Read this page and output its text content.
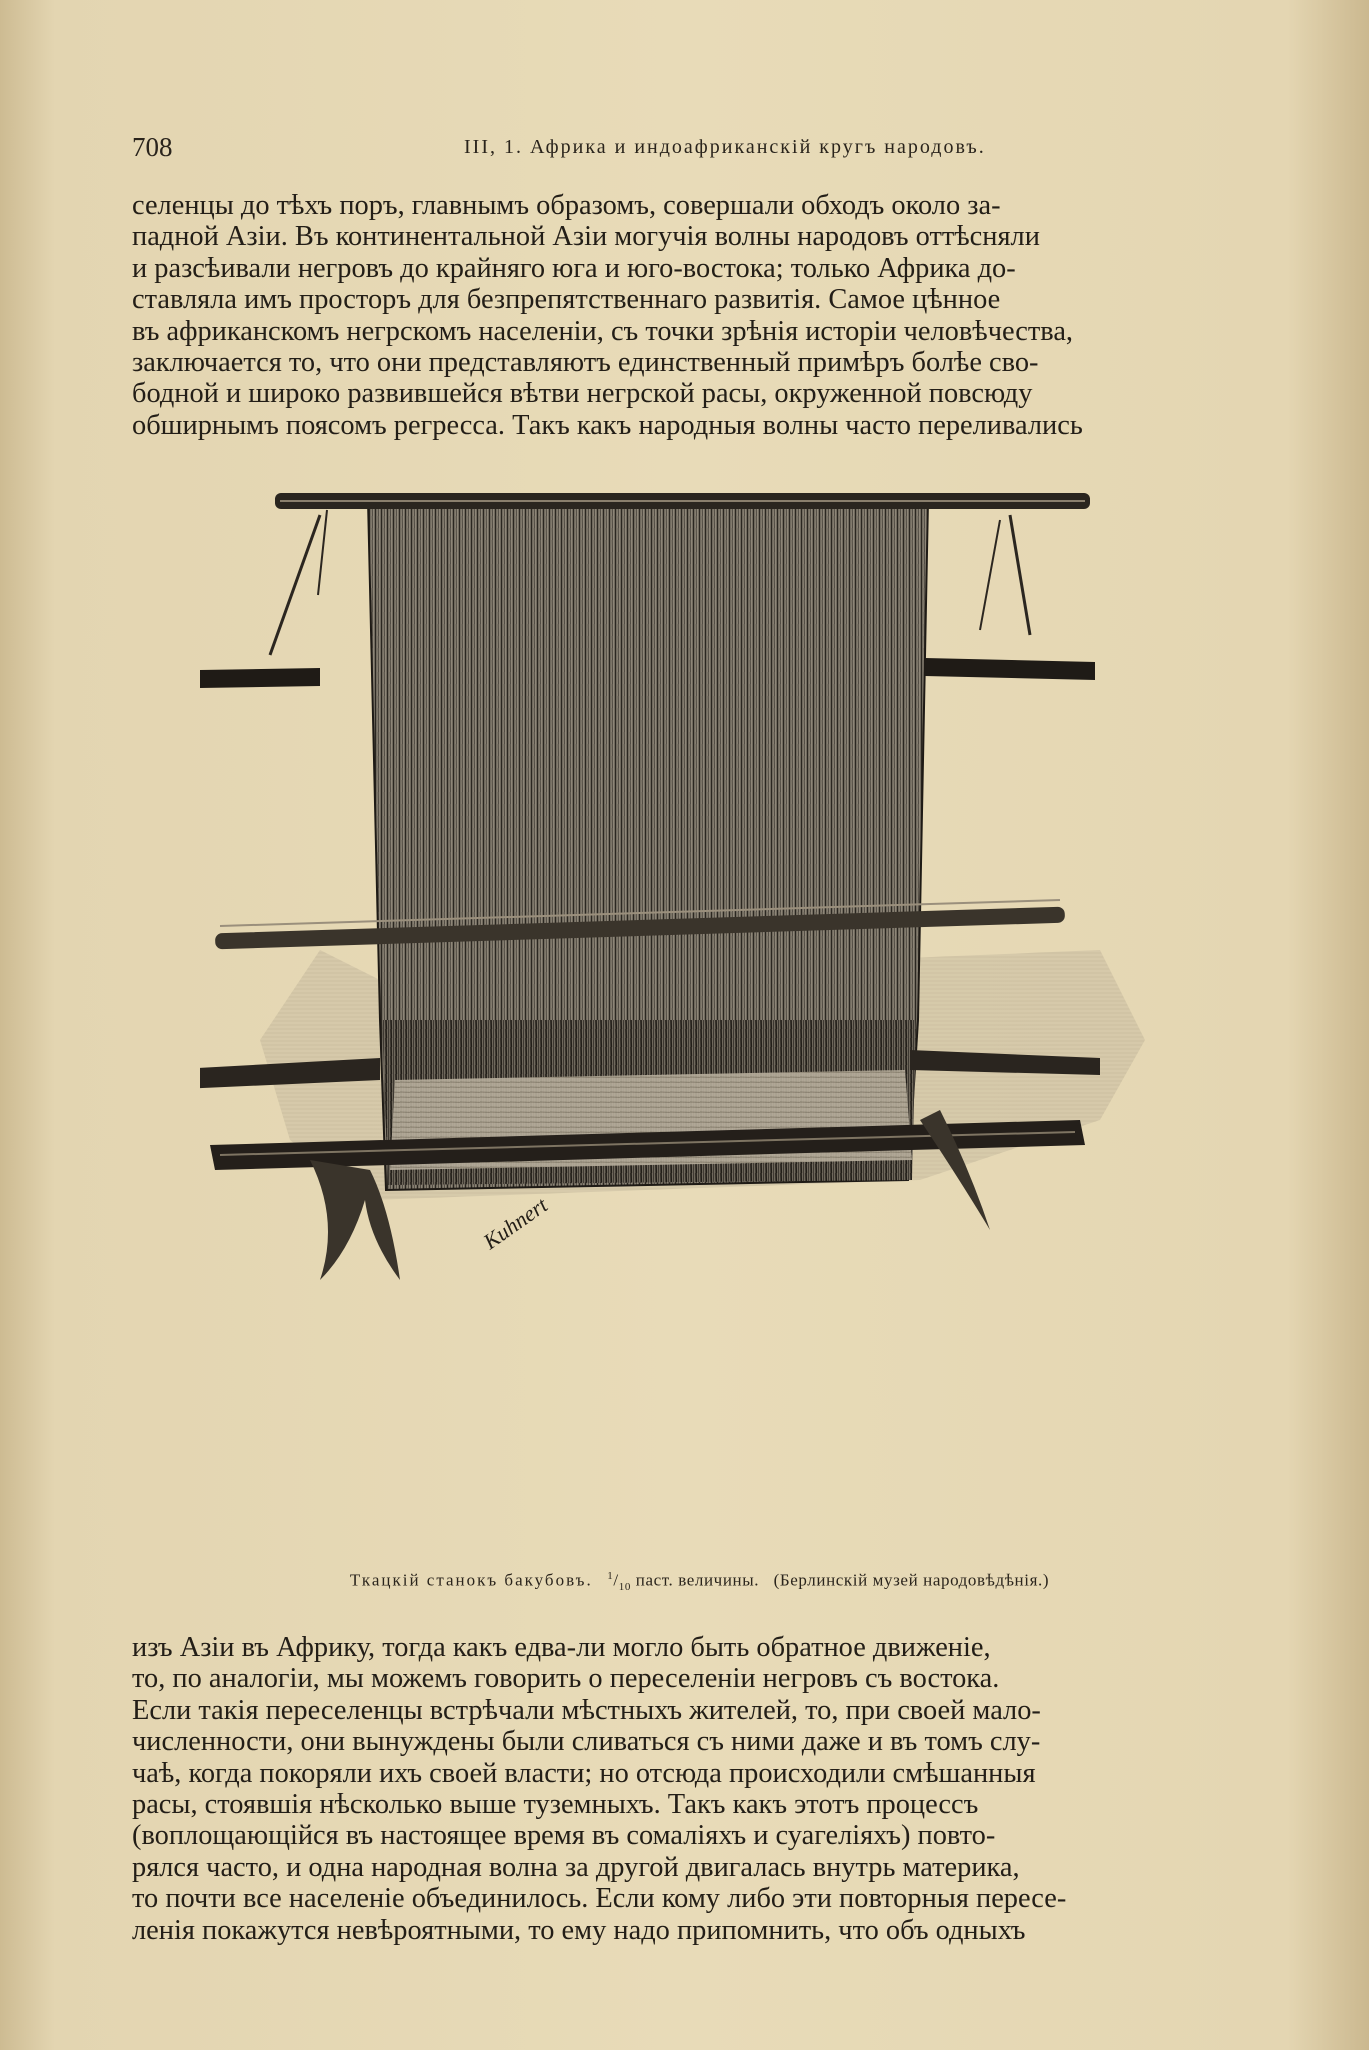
708	III, 1. Африка и индоафриканскій кругъ народовъ.
селенцы до тѣхъ поръ, главнымъ образомъ, совершали обходъ около за-
падной Азіи. Въ континентальной Азіи могучія волны народовъ оттѣсняли
и разсѣивали негровъ до крайняго юга и юго-востока; только Африка до-
ставляла имъ просторъ для безпрепятственнаго развитія. Самое цѣнное
въ африканскомъ негрскомъ населеніи, съ точки зрѣнія исторіи человѣчества,
заключается то, что они представляютъ единственный примѣръ болѣе сво-
бодной и широко развившейся вѣтви негрской расы, окруженной повсюду
обширнымъ поясомъ регресса. Такъ какъ народныя волны часто переливались
Kuhnert
Ткацкій станокъ бакубовъ. $^1/_{10}$ паст. величины. (Берлинскій музей народовѣдѣнія.)
изъ Азіи въ Африку, тогда какъ едва-ли могло быть обратное движеніе,
то, по аналогіи, мы можемъ говорить о переселеніи негровъ съ востока.
Если такія переселенцы встрѣчали мѣстныхъ жителей, то, при своей мало-
численности, они вынуждены были сливаться съ ними даже и въ томъ слу-
чаѣ, когда покоряли ихъ своей власти; но отсюда происходили смѣшанныя
расы, стоявшія нѣсколько выше туземныхъ. Такъ какъ этотъ процессъ
(воплощающійся въ настоящее время въ сомаліяхъ и суагеліяхъ) повто-
рялся часто, и одна народная волна за другой двигалась внутрь материка,
то почти все населеніе объединилось. Если кому либо эти повторныя пересе-
ленія покажутся невѣроятными, то ему надо припомнить, что объ одныхъ
